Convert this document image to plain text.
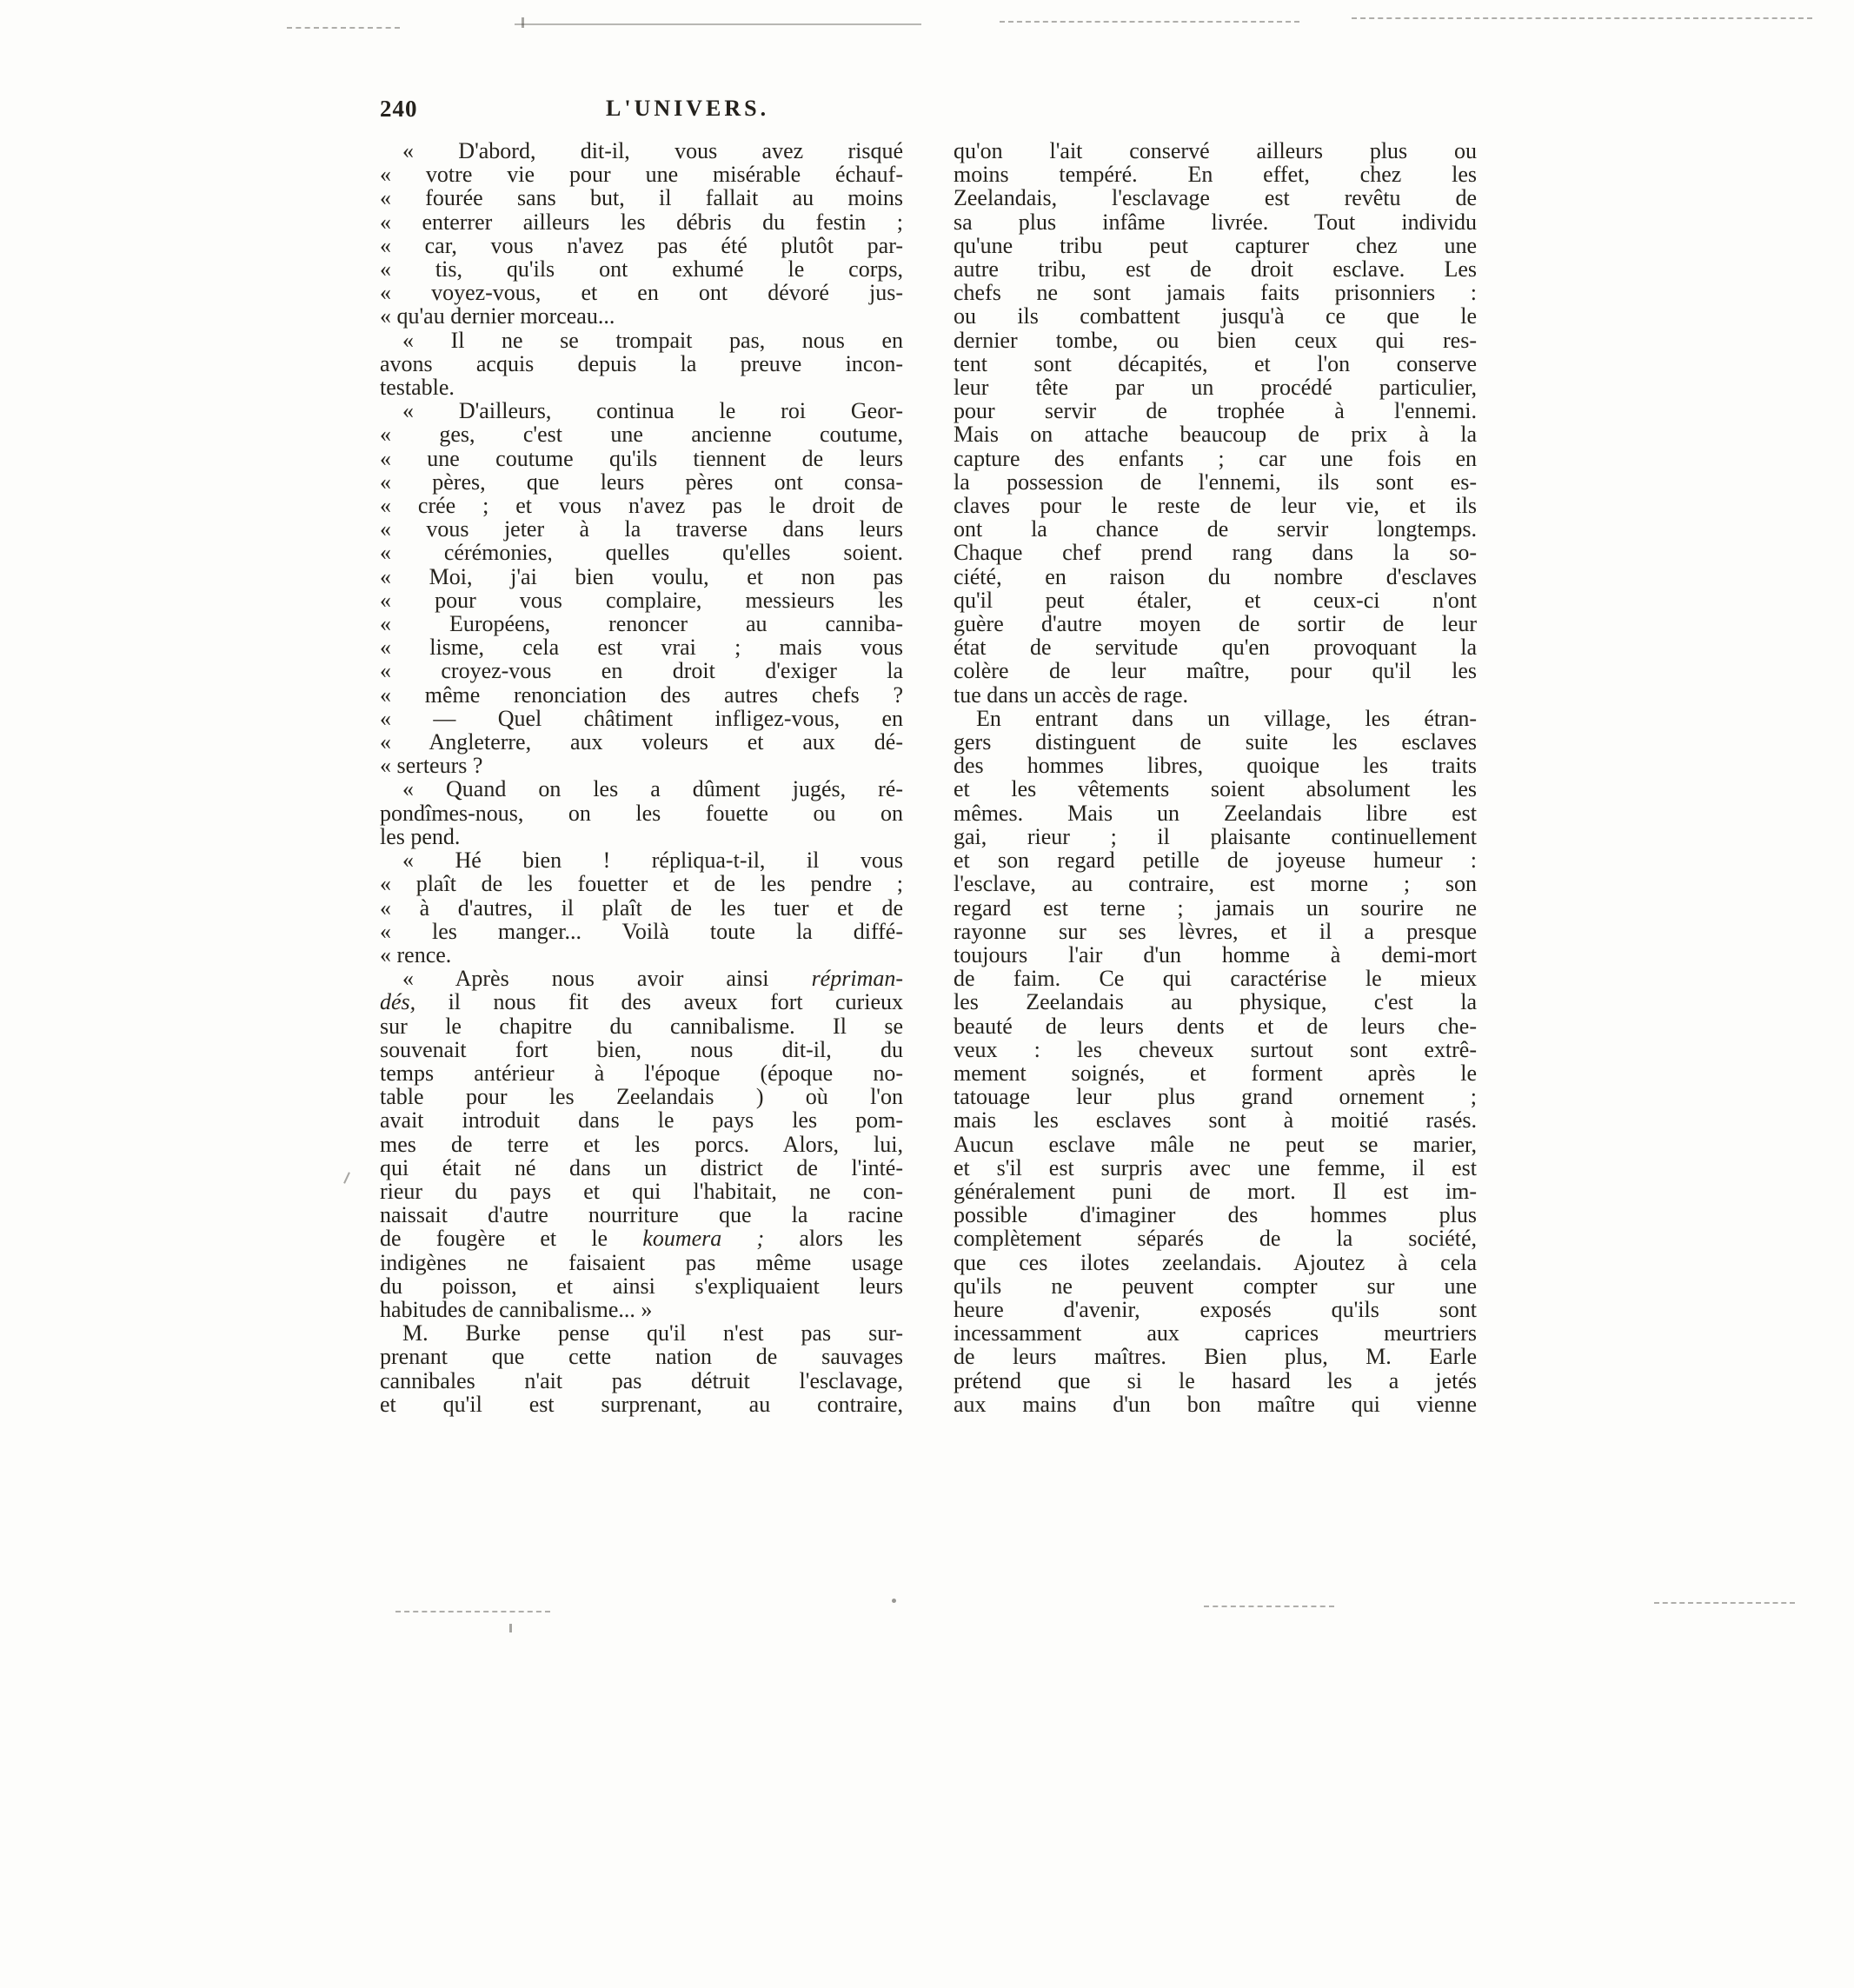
240	L'UNIVERS.
« D'abord, dit-il, vous avez risqué
« votre vie pour une misérable échauf-
« fourée sans but, il fallait au moins
« enterrer ailleurs les débris du festin ;
« car, vous n'avez pas été plutôt par-
« tis, qu'ils ont exhumé le corps,
« voyez-vous, et en ont dévoré jus-
« qu'au dernier morceau...
« Il ne se trompait pas, nous en
avons acquis depuis la preuve incon-
testable.
« D'ailleurs, continua le roi Geor-
« ges, c'est une ancienne coutume,
« une coutume qu'ils tiennent de leurs
« pères, que leurs pères ont consa-
« crée ; et vous n'avez pas le droit de
« vous jeter à la traverse dans leurs
« cérémonies, quelles qu'elles soient.
« Moi, j'ai bien voulu, et non pas
« pour vous complaire, messieurs les
« Européens, renoncer au canniba-
« lisme, cela est vrai ; mais vous
« croyez-vous en droit d'exiger la
« même renonciation des autres chefs ?
« — Quel châtiment infligez-vous, en
« Angleterre, aux voleurs et aux dé-
« serteurs ?
« Quand on les a dûment jugés, ré-
pondîmes-nous, on les fouette ou on
les pend.
« Hé bien ! répliqua-t-il, il vous
« plaît de les fouetter et de les pendre ;
« à d'autres, il plaît de les tuer et de
« les manger... Voilà toute la diffé-
« rence.
« Après nous avoir ainsi répriman-
dés, il nous fit des aveux fort curieux
sur le chapitre du cannibalisme. Il se
souvenait fort bien, nous dit-il, du
temps antérieur à l'époque (époque no-
table pour les Zeelandais ) où l'on
avait introduit dans le pays les pom-
mes de terre et les porcs. Alors, lui,
qui était né dans un district de l'inté-
rieur du pays et qui l'habitait, ne con-
naissait d'autre nourriture que la racine
de fougère et le koumera ; alors les
indigènes ne faisaient pas même usage
du poisson, et ainsi s'expliquaient leurs
habitudes de cannibalisme... »
M. Burke pense qu'il n'est pas sur-
prenant que cette nation de sauvages
cannibales n'ait pas détruit l'esclavage,
et qu'il est surprenant, au contraire,
qu'on l'ait conservé ailleurs plus ou
moins tempéré. En effet, chez les
Zeelandais, l'esclavage est revêtu de
sa plus infâme livrée. Tout individu
qu'une tribu peut capturer chez une
autre tribu, est de droit esclave. Les
chefs ne sont jamais faits prisonniers :
ou ils combattent jusqu'à ce que le
dernier tombe, ou bien ceux qui res-
tent sont décapités, et l'on conserve
leur tête par un procédé particulier,
pour servir de trophée à l'ennemi.
Mais on attache beaucoup de prix à la
capture des enfants ; car une fois en
la possession de l'ennemi, ils sont es-
claves pour le reste de leur vie, et ils
ont la chance de servir longtemps.
Chaque chef prend rang dans la so-
ciété, en raison du nombre d'esclaves
qu'il peut étaler, et ceux-ci n'ont
guère d'autre moyen de sortir de leur
état de servitude qu'en provoquant la
colère de leur maître, pour qu'il les
tue dans un accès de rage.
En entrant dans un village, les étran-
gers distinguent de suite les esclaves
des hommes libres, quoique les traits
et les vêtements soient absolument les
mêmes. Mais un Zeelandais libre est
gai, rieur ; il plaisante continuellement
et son regard petille de joyeuse humeur :
l'esclave, au contraire, est morne ; son
regard est terne ; jamais un sourire ne
rayonne sur ses lèvres, et il a presque
toujours l'air d'un homme à demi-mort
de faim. Ce qui caractérise le mieux
les Zeelandais au physique, c'est la
beauté de leurs dents et de leurs che-
veux : les cheveux surtout sont extrê-
mement soignés, et forment après le
tatouage leur plus grand ornement ;
mais les esclaves sont à moitié rasés.
Aucun esclave mâle ne peut se marier,
et s'il est surpris avec une femme, il est
généralement puni de mort. Il est im-
possible d'imaginer des hommes plus
complètement séparés de la société,
que ces ilotes zeelandais. Ajoutez à cela
qu'ils ne peuvent compter sur une
heure d'avenir, exposés qu'ils sont
incessamment aux caprices meurtriers
de leurs maîtres. Bien plus, M. Earle
prétend que si le hasard les a jetés
aux mains d'un bon maître qui vienne
